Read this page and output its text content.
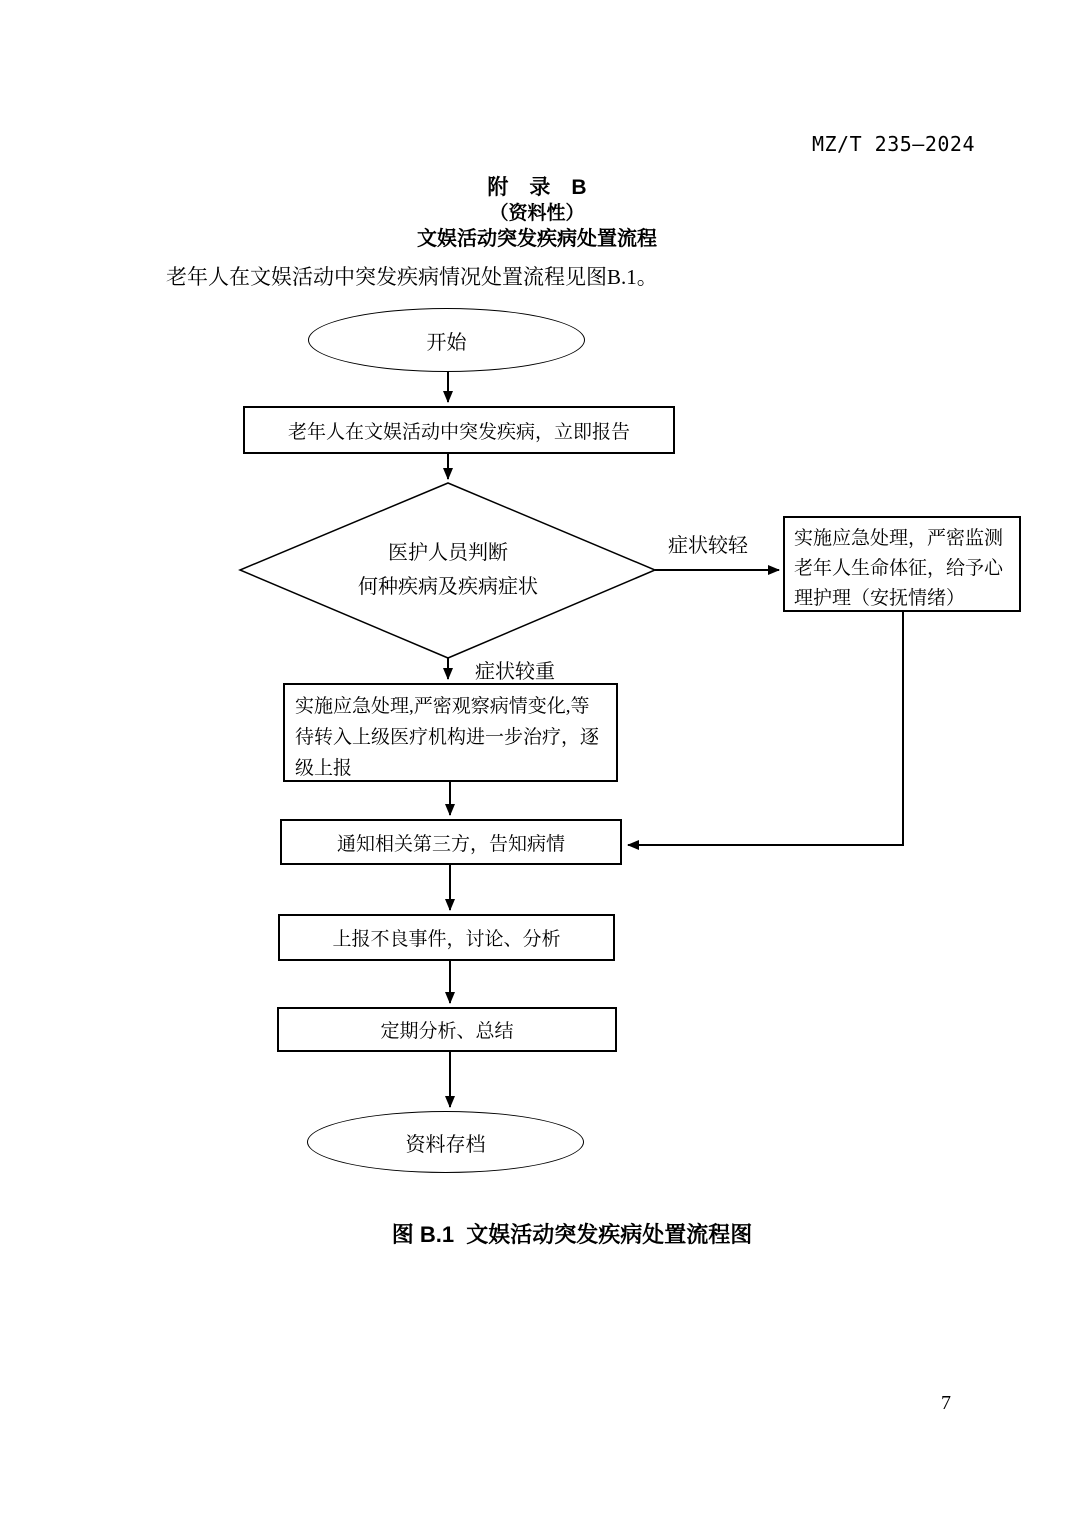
MZ/T 235—2024
附　录　B
（资料性）
文娱活动突发疾病处置流程
老年人在文娱活动中突发疾病情况处置流程见图B.1。
开始
老年人在文娱活动中突发疾病，立即报告
医护人员判断
何种疾病及疾病症状
症状较轻
症状较重
实施应急处理，严密监测
老年人生命体征，给予心
理护理（安抚情绪）
实施应急处理,严密观察病情变化,等
待转入上级医疗机构进一步治疗，逐
级上报
通知相关第三方，告知病情
上报不良事件，讨论、分析
定期分析、总结
资料存档
图 B.1  文娱活动突发疾病处置流程图
7
